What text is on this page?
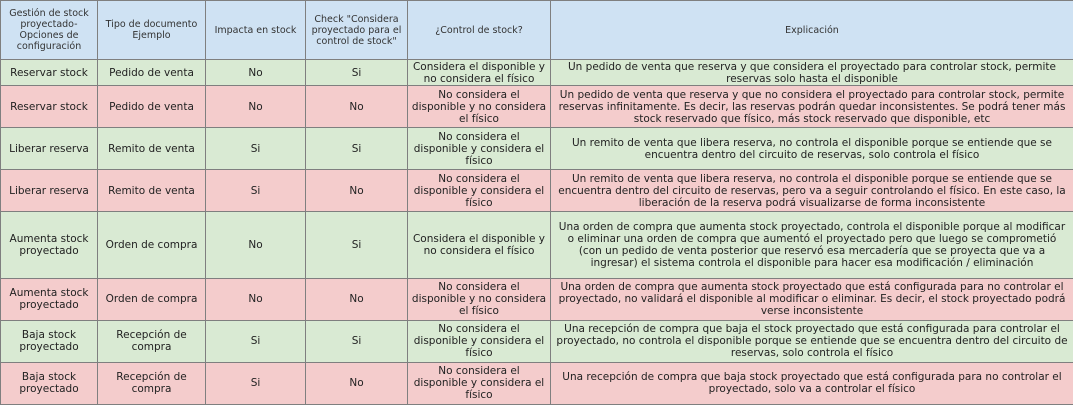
Gestión de stock proyectado- Opciones de configuración	Tipo de documento Ejemplo	Impacta en stock	Check "Considera proyectado para el control de stock"	¿Control de stock?	Explicación
Reservar stock	Pedido de venta	No	Si	Considera el disponible y no considera el físico	Un pedido de venta que reserva y que considera el proyectado para controlar stock, permite reservas solo hasta el disponible
Reservar stock	Pedido de venta	No	No	No considera el disponible y no considera el físico	Un pedido de venta que reserva y que no considera el proyectado para controlar stock, permite reservas infinitamente. Es decir, las reservas podrán quedar inconsistentes. Se podrá tener más stock reservado que físico, más stock reservado que disponible, etc
Liberar reserva	Remito de venta	Si	Si	No considera el disponible y considera el físico	Un remito de venta que libera reserva, no controla el disponible porque se entiende que se encuentra dentro del circuito de reservas, solo controla el físico
Liberar reserva	Remito de venta	Si	No	No considera el disponible y considera el físico	Un remito de venta que libera reserva, no controla el disponible porque se entiende que se encuentra dentro del circuito de reservas, pero va a seguir controlando el físico. En este caso, la liberación de la reserva podrá visualizarse de forma inconsistente
Aumenta stock proyectado	Orden de compra	No	Si	Considera el disponible y no considera el físico	Una orden de compra que aumenta stock proyectado, controla el disponible porque al modificar o eliminar una orden de compra que aumentó el proyectado pero que luego se comprometió (con un pedido de venta posterior que reservó esa mercadería que se proyecta que va a ingresar) el sistema controla el disponible para hacer esa modificación / eliminación
Aumenta stock proyectado	Orden de compra	No	No	No considera el disponible y no considera el físico	Una orden de compra que aumenta stock proyectado que está configurada para no controlar el proyectado, no validará el disponible al modificar o eliminar. Es decir, el stock proyectado podrá verse inconsistente
Baja stock proyectado	Recepción de compra	Si	Si	No considera el disponible y considera el físico	Una recepción de compra que baja el stock proyectado que está configurada para controlar el proyectado, no controla el disponible porque se entiende que se encuentra dentro del circuito de reservas, solo controla el físico
Baja stock proyectado	Recepción de compra	Si	No	No considera el disponible y considera el físico	Una recepción de compra que baja stock proyectado que está configurada para no controlar el proyectado, solo va a controlar el físico
